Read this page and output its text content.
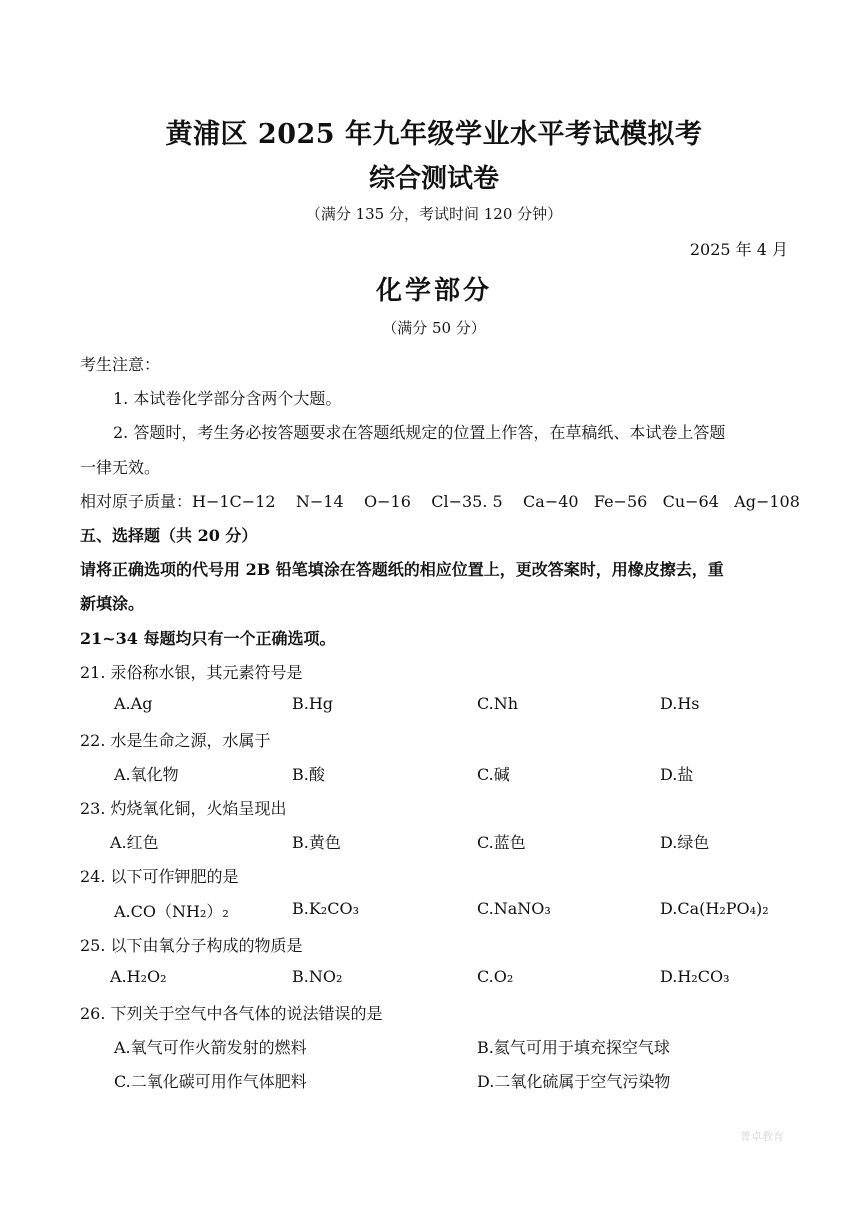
黄浦区 2025 年九年级学业水平考试模拟考
综合测试卷
（满分 135 分，考试时间 120 分钟）
2025 年 4 月
化学部分
（满分 50 分）
考生注意：
1. 本试卷化学部分含两个大题。
2. 答题时，考生务必按答题要求在答题纸规定的位置上作答，在草稿纸、本试卷上答题
一律无效。
相对原子质量：H−1C−12    N−14    O−16    Cl−35. 5    Ca−40   Fe−56   Cu−64   Ag−108
五、选择题（共 20 分）
请将正确选项的代号用 2B 铅笔填涂在答题纸的相应位置上，更改答案时，用橡皮擦去，重
新填涂。
21~34 每题均只有一个正确选项。
21. 汞俗称水银，其元素符号是
A.Ag	B.Hg	C.Nh	D.Hs
22. 水是生命之源，水属于
A.氧化物	B.酸	C.碱	D.盐
23. 灼烧氧化铜，火焰呈现出
A.红色	B.黄色	C.蓝色	D.绿色
24. 以下可作钾肥的是
A.CO（NH₂）₂	B.K₂CO₃	C.NaNO₃	D.Ca(H₂PO₄)₂
25. 以下由氧分子构成的物质是
A.H₂O₂	B.NO₂	C.O₂	D.H₂CO₃
26. 下列关于空气中各气体的说法错误的是
A.氧气可作火箭发射的燃料	B.氦气可用于填充探空气球
C.二氧化碳可用作气体肥料	D.二氧化硫属于空气污染物
菁卓教育
